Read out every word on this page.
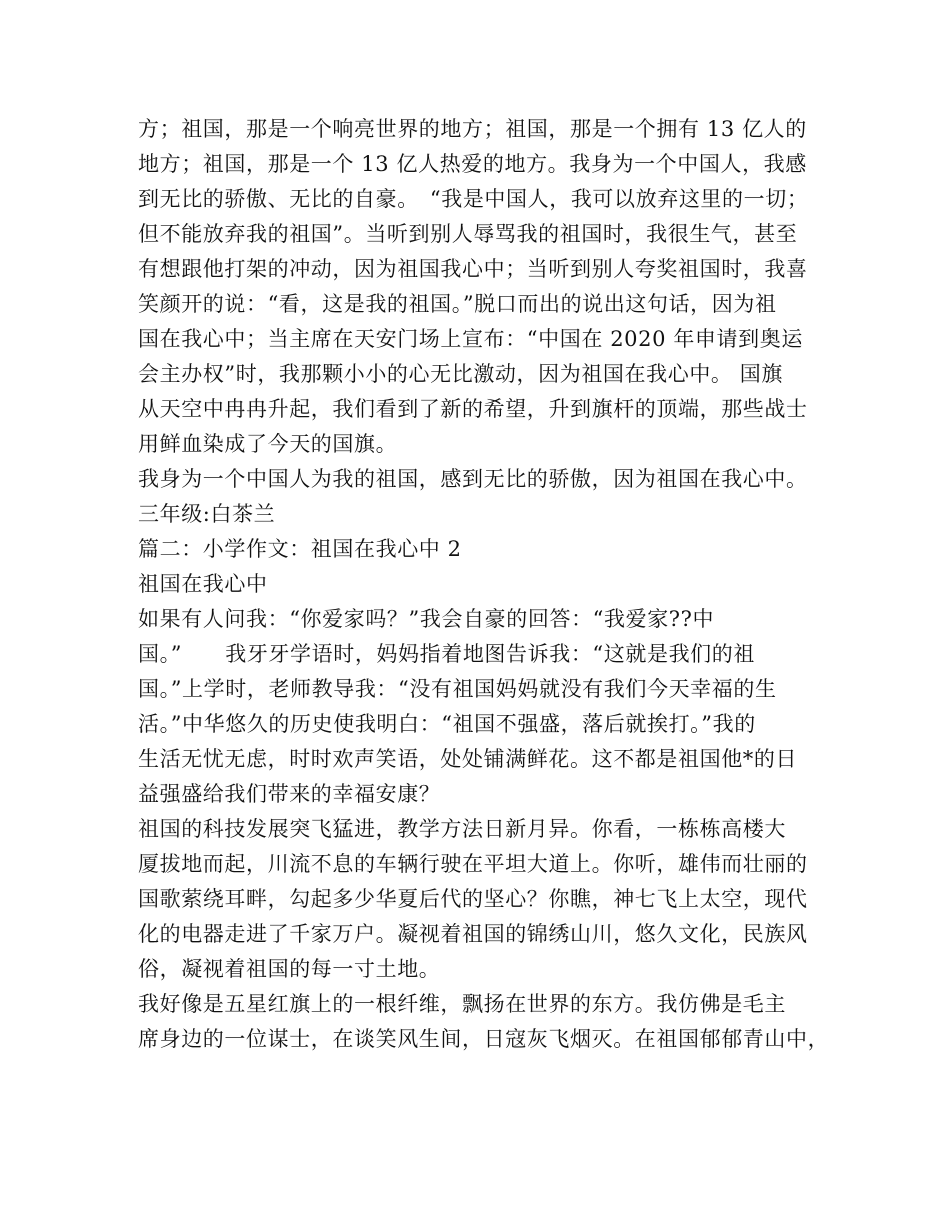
方；祖国，那是一个响亮世界的地方；祖国，那是一个拥有 13 亿人的
地方；祖国，那是一个 13 亿人热爱的地方。我身为一个中国人，我感
到无比的骄傲、无比的自豪。　“我是中国人，我可以放弃这里的一切；
但不能放弃我的祖国”。当听到别人辱骂我的祖国时，我很生气，甚至
有想跟他打架的冲动，因为祖国我心中；当听到别人夸奖祖国时，我喜
笑颜开的说：“看，这是我的祖国。”脱口而出的说出这句话，因为祖
国在我心中；当主席在天安门场上宣布：“中国在 2020 年申请到奥运
会主办权”时，我那颗小小的心无比激动，因为祖国在我心中。 国旗
从天空中冉冉升起，我们看到了新的希望，升到旗杆的顶端，那些战士
用鲜血染成了今天的国旗。
我身为一个中国人为我的祖国，感到无比的骄傲，因为祖国在我心中。
三年级:白茶兰
篇二：小学作文：祖国在我心中 2
祖国在我心中
如果有人问我：“你爱家吗？”我会自豪的回答：“我爱家??中
国。”　　我牙牙学语时，妈妈指着地图告诉我：“这就是我们的祖
国。”上学时，老师教导我：“没有祖国妈妈就没有我们今天幸福的生
活。”中华悠久的历史使我明白：“祖国不强盛，落后就挨打。”我的
生活无忧无虑，时时欢声笑语，处处铺满鲜花。这不都是祖国他*的日
益强盛给我们带来的幸福安康？
祖国的科技发展突飞猛进，教学方法日新月异。你看，一栋栋高楼大
厦拔地而起，川流不息的车辆行驶在平坦大道上。你听，雄伟而壮丽的
国歌萦绕耳畔，勾起多少华夏后代的坚心？你瞧，神七飞上太空，现代
化的电器走进了千家万户。凝视着祖国的锦绣山川，悠久文化，民族风
俗，凝视着祖国的每一寸土地。
我好像是五星红旗上的一根纤维，飘扬在世界的东方。我仿佛是毛主
席身边的一位谋士，在谈笑风生间，日寇灰飞烟灭。在祖国郁郁青山中，
